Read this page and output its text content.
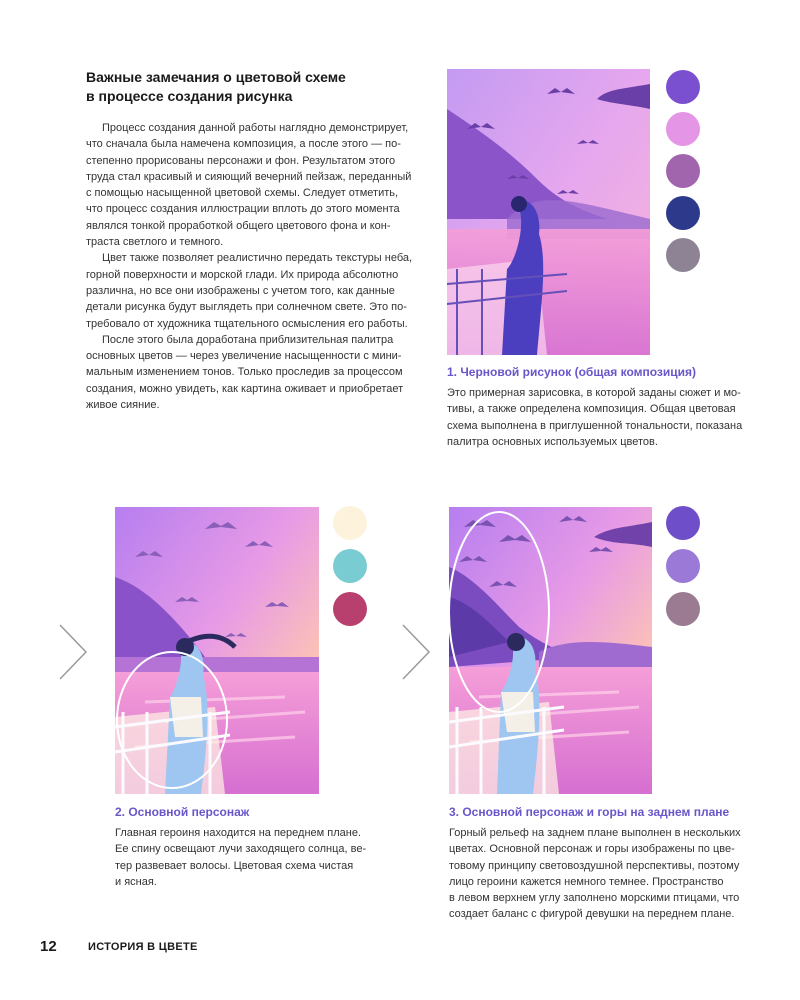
Важные замечания о цветовой схеме
в процессе создания рисунка
Процесс создания данной работы наглядно демонстрирует,
что сначала была намечена композиция, а после этого — по-
степенно прорисованы персонажи и фон. Результатом этого
труда стал красивый и сияющий вечерний пейзаж, переданный
с помощью насыщенной цветовой схемы. Следует отметить,
что процесс создания иллюстрации вплоть до этого момента
являлся тонкой проработкой общего цветового фона и кон-
траста светлого и темного.
Цвет также позволяет реалистично передать текстуры неба,
горной поверхности и морской глади. Их природа абсолютно
различна, но все они изображены с учетом того, как данные
детали рисунка будут выглядеть при солнечном свете. Это по-
требовало от художника тщательного осмысления его работы.
После этого была доработана приблизительная палитра
основных цветов — через увеличение насыщенности с мини-
мальным изменением тонов. Только проследив за процессом
создания, можно увидеть, как картина оживает и приобретает
живое сияние.
1. Черновой рисунок (общая композиция)
Это примерная зарисовка, в которой заданы сюжет и мо-
тивы, а также определена композиция. Общая цветовая
схема выполнена в приглушенной тональности, показана
палитра основных используемых цветов.
2. Основной персонаж
Главная героиня находится на переднем плане.
Ее спину освещают лучи заходящего солнца, ве-
тер развевает волосы. Цветовая схема чистая
и ясная.
3. Основной персонаж и горы на заднем плане
Горный рельеф на заднем плане выполнен в нескольких
цветах. Основной персонаж и горы изображены по цве-
товому принципу световоздушной перспективы, поэтому
лицо героини кажется немного темнее. Пространство
в левом верхнем углу заполнено морскими птицами, что
создает баланс с фигурой девушки на переднем плане.
12	ИСТОРИЯ В ЦВЕТЕ
